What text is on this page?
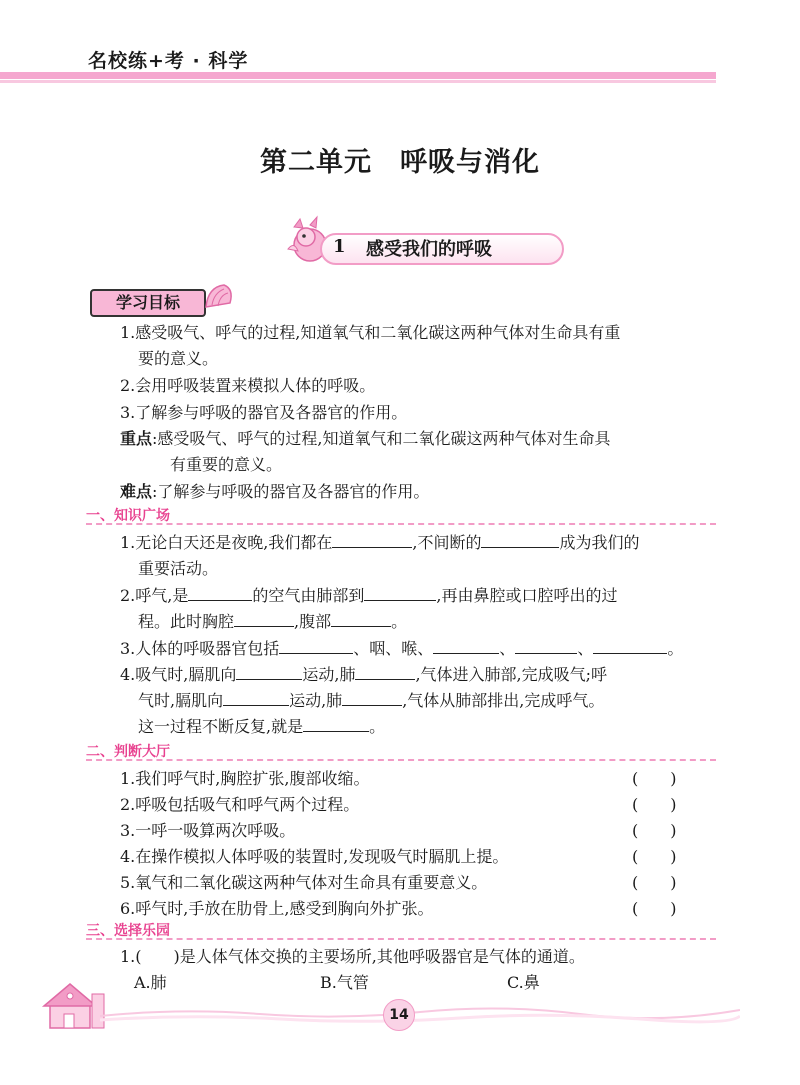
名校练+考 · 科学
第二单元　呼吸与消化
1 感受我们的呼吸
学习目标
1.感受吸气、呼气的过程,知道氧气和二氧化碳这两种气体对生命具有重
要的意义。
2.会用呼吸装置来模拟人体的呼吸。
3.了解参与呼吸的器官及各器官的作用。
重点:感受吸气、呼气的过程,知道氧气和二氧化碳这两种气体对生命具
有重要的意义。
难点:了解参与呼吸的器官及各器官的作用。
一、知识广场
1.无论白天还是夜晚,我们都在	,不间断的	成为我们的
重要活动。
2.呼气,是	的空气由肺部到	,再由鼻腔或口腔呼出的过
程。此时胸腔	,腹部	。
3.人体的呼吸器官包括	、咽、喉、	、	、	。
4.吸气时,膈肌向	运动,肺	,气体进入肺部,完成吸气;呼
气时,膈肌向	运动,肺	,气体从肺部排出,完成呼气。
这一过程不断反复,就是	。
二、判断大厅
1.我们呼气时,胸腔扩张,腹部收缩。	(　　)
2.呼吸包括吸气和呼气两个过程。	(　　)
3.一呼一吸算两次呼吸。	(　　)
4.在操作模拟人体呼吸的装置时,发现吸气时膈肌上提。	(　　)
5.氧气和二氧化碳这两种气体对生命具有重要意义。	(　　)
6.呼气时,手放在肋骨上,感受到胸向外扩张。	(　　)
三、选择乐园
1.(　　)是人体气体交换的主要场所,其他呼吸器官是气体的通道。
A.肺	B.气管	C.鼻
14
